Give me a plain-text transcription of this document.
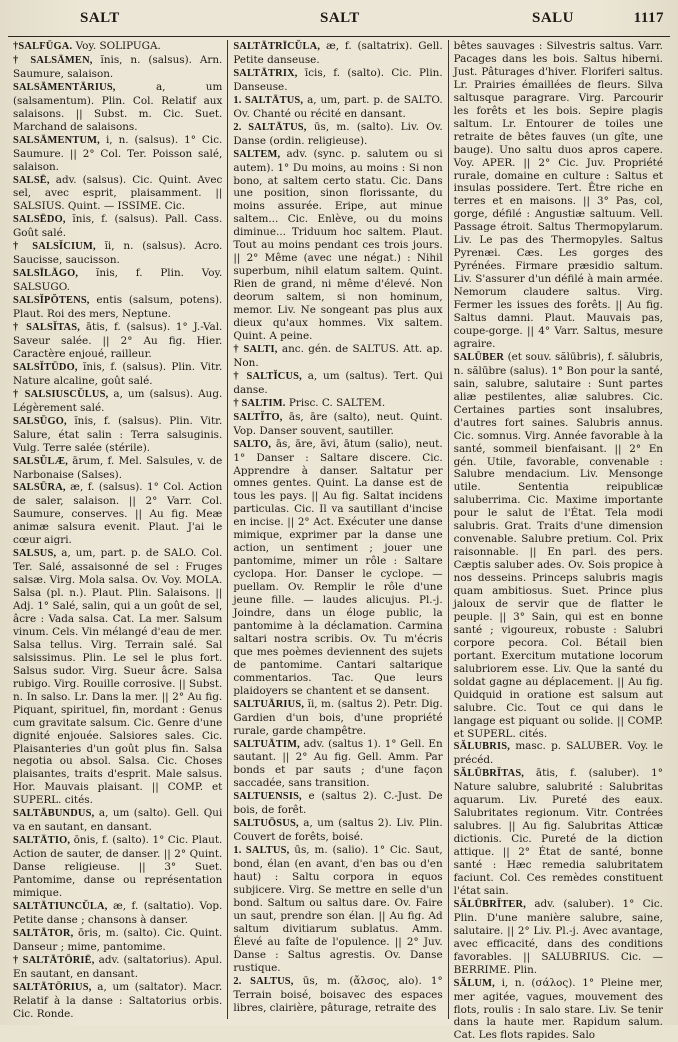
SALT	SALT	SALU	1117

†SALFŪGA. Voy. SOLIPUGA.

† SALSĀMEN, ĭnis, n. (salsus). Arn. Saumure, salaison.

SALSĀMENTĀRIUS,	a, um (salsamentum). Plin. Col. Relatif aux salaisons. || Subst. m. Cic. Suet. Marchand de salaisons.

SALSĀMENTUM, i, n. (salsus). 1° Cic. Saumure. || 2° Col. Ter. Poisson salé, salaison.

SALSĒ, adv. (salsus). Cic. Quint. Avec sel, avec esprit, plaisamment. || SALSIUS. Quint. — ISSIME. Cic.

SALSĒDO, ĭnis, f. (salsus). Pall. Cass. Goût salé.

† SALSĬCIUM, ĭi, n. (salsus). Acro. Saucisse, saucisson.

SALSĪLĀGO, ĭnis, f. Plin. Voy. SALSUGO.

SALSĬPŎTENS, entis (salsum, potens). Plaut. Roi des mers, Neptune.

† SALSĬTAS, ātis, f. (salsus). 1° J.-Val. Saveur salée. || 2° Au fig. Hier. Caractère enjoué, railleur.

SALSĬTŪDO, ĭnis, f. (salsus). Plin. Vitr. Nature alcaline, goût salé.

† SALSIUSCŬLUS, a, um (salsus). Aug. Légèrement salé.

SALSŪGO, ĭnis, f. (salsus). Plin. Vitr. Salure, état salin : Terra salsuginis. Vulg. Terre salée (stérile).

SALSŬLÆ, ārum, f. Mel. Salsules, v. de Narbonaise (Salses).

SALSŪRA, æ, f. (salsus). 1° Col. Action de saler, salaison. || 2° Varr. Col. Saumure, conserves. || Au fig. Meæ animæ salsura evenit. Plaut. J'ai le cœur aigri.

SALSUS, a, um, part. p. de SALO. Col. Ter. Salé, assaisonné de sel : Fruges salsæ. Virg. Mola salsa. Ov. Voy. MOLA. Salsa (pl. n.). Plaut. Plin. Salaisons. || Adj. 1° Salé, salin, qui a un goût de sel, âcre : Vada salsa. Cat. La mer. Salsum vinum. Cels. Vin mélangé d'eau de mer. Salsa tellus. Virg. Terrain salé. Sal salsissimus. Plin. Le sel le plus fort. Salsus sudor. Virg. Sueur âcre. Salsa rubigo. Virg. Rouille corrosive. || Subst. n. In salso. Lr. Dans la mer. || 2° Au fig. Piquant, spirituel, fin, mordant : Genus cum gravitate salsum. Cic. Genre d'une dignité enjouée. Salsiores sales. Cic. Plaisanteries d'un goût plus fin. Salsa negotia ou absol. Salsa. Cic. Choses plaisantes, traits d'esprit. Male salsus. Hor. Mauvais plaisant. || COMP. et SUPERL. cités.

SALTĀBUNDUS, a, um (salto). Gell. Qui va en sautant, en dansant.

SALTĀTIO, ōnis, f. (salto). 1° Cic. Plaut. Action de sauter, de danser. || 2° Quint. Danse religieuse. || 3° Suet. Pantomime, danse ou représentation mimique.

SALTĀTIUNCŬLA, æ, f. (saltatio). Vop. Petite danse ; chansons à danser.

SALTĀTOR, ōris, m. (salto). Cic. Quint. Danseur ; mime, pantomime.

† SALTĀTŌRIĒ, adv. (saltatorius). Apul. En sautant, en dansant.

SALTĀTŌRIUS, a, um (saltator). Macr. Relatif à la danse : Saltatorius orbis. Cic. Ronde.

SALTĀTRĪCŬLA, æ, f. (saltatrix). Gell. Petite danseuse.

SALTĀTRIX, īcis, f. (salto). Cic. Plin. Danseuse.

1. SALTĀTUS, a, um, part. p. de SALTO. Ov. Chanté ou récité en dansant.

2. SALTĀTUS, ūs, m. (salto). Liv. Ov. Danse (ordin. religieuse).

SALTEM, adv. (sync. p. salutem ou si autem). 1° Du moins, au moins : Si non bono, at saltem certo statu. Cic. Dans une position, sinon florissante, du moins assurée. Eripe, aut minue saltem... Cic. Enlève, ou du moins diminue... Triduum hoc saltem. Plaut. Tout au moins pendant ces trois jours. || 2° Même (avec une négat.) : Nihil superbum, nihil elatum saltem. Quint. Rien de grand, ni même d'élevé. Non deorum saltem, si non hominum, memor. Liv. Ne songeant pas plus aux dieux qu'aux hommes. Vix saltem. Quint. A peine.

† SALTI, anc. gén. de SALTUS. Att. ap. Non.

† SALTĬCUS, a, um (saltus). Tert. Qui danse.

† SALTIM. Prisc. C. SALTEM.

SALTĬTO, ās, āre (salto), neut. Quint. Vop. Danser souvent, sautiller.

SALTO, ās, āre, āvi, ātum (salio), neut. 1° Danser : Saltare discere. Cic. Apprendre à danser. Saltatur per omnes gentes. Quint. La danse est de tous les pays. || Au fig. Saltat incidens particulas. Cic. Il va sautillant d'incise en incise. || 2° Act. Exécuter une danse mimique, exprimer par la danse une action, un sentiment ; jouer une pantomime, mimer un rôle : Saltare cyclopa. Hor. Danser le cyclope. — puellam. Ov. Remplir le rôle d'une jeune fille. — laudes alicujus. Pl.-j. Joindre, dans un éloge public, la pantomime à la déclamation. Carmina saltari nostra scribis. Ov. Tu m'écris que mes poèmes deviennent des sujets de pantomime. Cantari saltarique commentarios. Tac. Que leurs plaidoyers se chantent et se dansent.

SALTUĀRIUS, ĭi, m. (saltus 2). Petr. Dig. Gardien d'un bois, d'une propriété rurale, garde champêtre.

SALTUĀTIM, adv. (saltus 1). 1° Gell. En sautant. || 2° Au fig. Gell. Amm. Par bonds et par sauts ; d'une façon saccadée, sans transition.

SALTUENSIS, e (saltus 2). C.-Just. De bois, de forêt.

SALTUŌSUS, a, um (saltus 2). Liv. Plin. Couvert de forêts, boisé.

1. SALTUS, ūs, m. (salio). 1° Cic. Saut, bond, élan (en avant, d'en bas ou d'en haut) : Saltu corpora in equos subjicere. Virg. Se mettre en selle d'un bond. Saltum ou saltus dare. Ov. Faire un saut, prendre son élan. || Au fig. Ad saltum divitiarum sublatus. Amm. Élevé au faîte de l'opulence. || 2° Juv. Danse : Saltus agrestis. Ov. Danse rustique.

2. SALTUS, ūs, m. (ἄλσος, alo). 1° Terrain boisé, boisavec des espaces libres, clairière, pâturage, retraite des

bêtes sauvages : Silvestris saltus. Varr. Pacages dans les bois. Saltus hiberni. Just. Pâturages d'hiver. Floriferi saltus. Lr. Prairies émaillées de fleurs. Silva saltusque paragrare. Virg. Parcourir les forêts et les bois. Sepire plagis saltum. Lr. Entourer de toiles une retraite de bêtes fauves (un gîte, une bauge). Uno saltu duos apros capere. Voy. APER. || 2° Cic. Juv. Propriété rurale, domaine en culture : Saltus et insulas possidere. Tert. Être riche en terres et en maisons. || 3° Pas, col, gorge, défilé : Angustiæ saltuum. Vell. Passage étroit. Saltus Thermopylarum. Liv. Le pas des Thermopyles. Saltus Pyrenæi. Cæs. Les gorges des Pyrénées. Firmare præsidio saltum. Liv. S'assurer d'un défilé à main armée. Nemorum claudere saltus. Virg. Fermer les issues des forêts. || Au fig. Saltus damni. Plaut. Mauvais pas, coupe-gorge. || 4° Varr. Saltus, mesure agraire.

SALŪBER (et souv. sălūbris), f. sălubris, n. sălūbre (salus). 1° Bon pour la santé, sain, salubre, salutaire : Sunt partes aliæ pestilentes, aliæ salubres. Cic. Certaines parties sont insalubres, d'autres fort saines. Salubris annus. Cic. somnus. Virg. Année favorable à la santé, sommeil bienfaisant. || 2° En gén. Utile, favorable, convenable : Salubre mendacium. Liv. Mensonge utile. Sententia reipublicæ saluberrima. Cic. Maxime importante pour le salut de l'État. Tela modi salubris. Grat. Traits d'une dimension convenable. Salubre pretium. Col. Prix raisonnable. || En parl. des pers. Cæptis saluber ades. Ov. Sois propice à nos desseins. Princeps salubris magis quam ambitiosus. Suet. Prince plus jaloux de servir que de flatter le peuple. || 3° Sain, qui est en bonne santé ; vigoureux, robuste : Salubri corpore pecora. Col. Bétail bien portant. Exercitum mutatione locorum salubriorem esse. Liv. Que la santé du soldat gagne au déplacement. || Au fig. Quidquid in oratione est salsum aut salubre. Cic. Tout ce qui dans le langage est piquant ou solide. || COMP. et SUPERL. cités.

SĂLUBRIS, masc. p. SALUBER. Voy. le précéd.

SĂLŪBRĬTAS, ātis, f. (saluber). 1° Nature salubre, salubrité : Salubritas aquarum. Liv. Pureté des eaux. Salubritates regionum. Vitr. Contrées salubres. || Au fig. Salubritas Atticæ dictionis. Cic. Pureté de la diction attique. || 2° État de santé, bonne santé : Hæc remedia salubritatem faciunt. Col. Ces remèdes constituent l'état sain.

SĂLŪBRĬTER, adv. (saluber). 1° Cic. Plin. D'une manière salubre, saine, salutaire. || 2° Liv. Pl.-j. Avec avantage, avec efficacité, dans des conditions favorables. || SALUBRIUS. Cic. — BERRIME. Plin.

SĂLUM, i, n. (σάλος). 1° Pleine mer, mer agitée, vagues, mouvement des flots, roulis : In salo stare. Liv. Se tenir dans la haute mer. Rapidum salum. Cat. Les flots rapides. Salo
